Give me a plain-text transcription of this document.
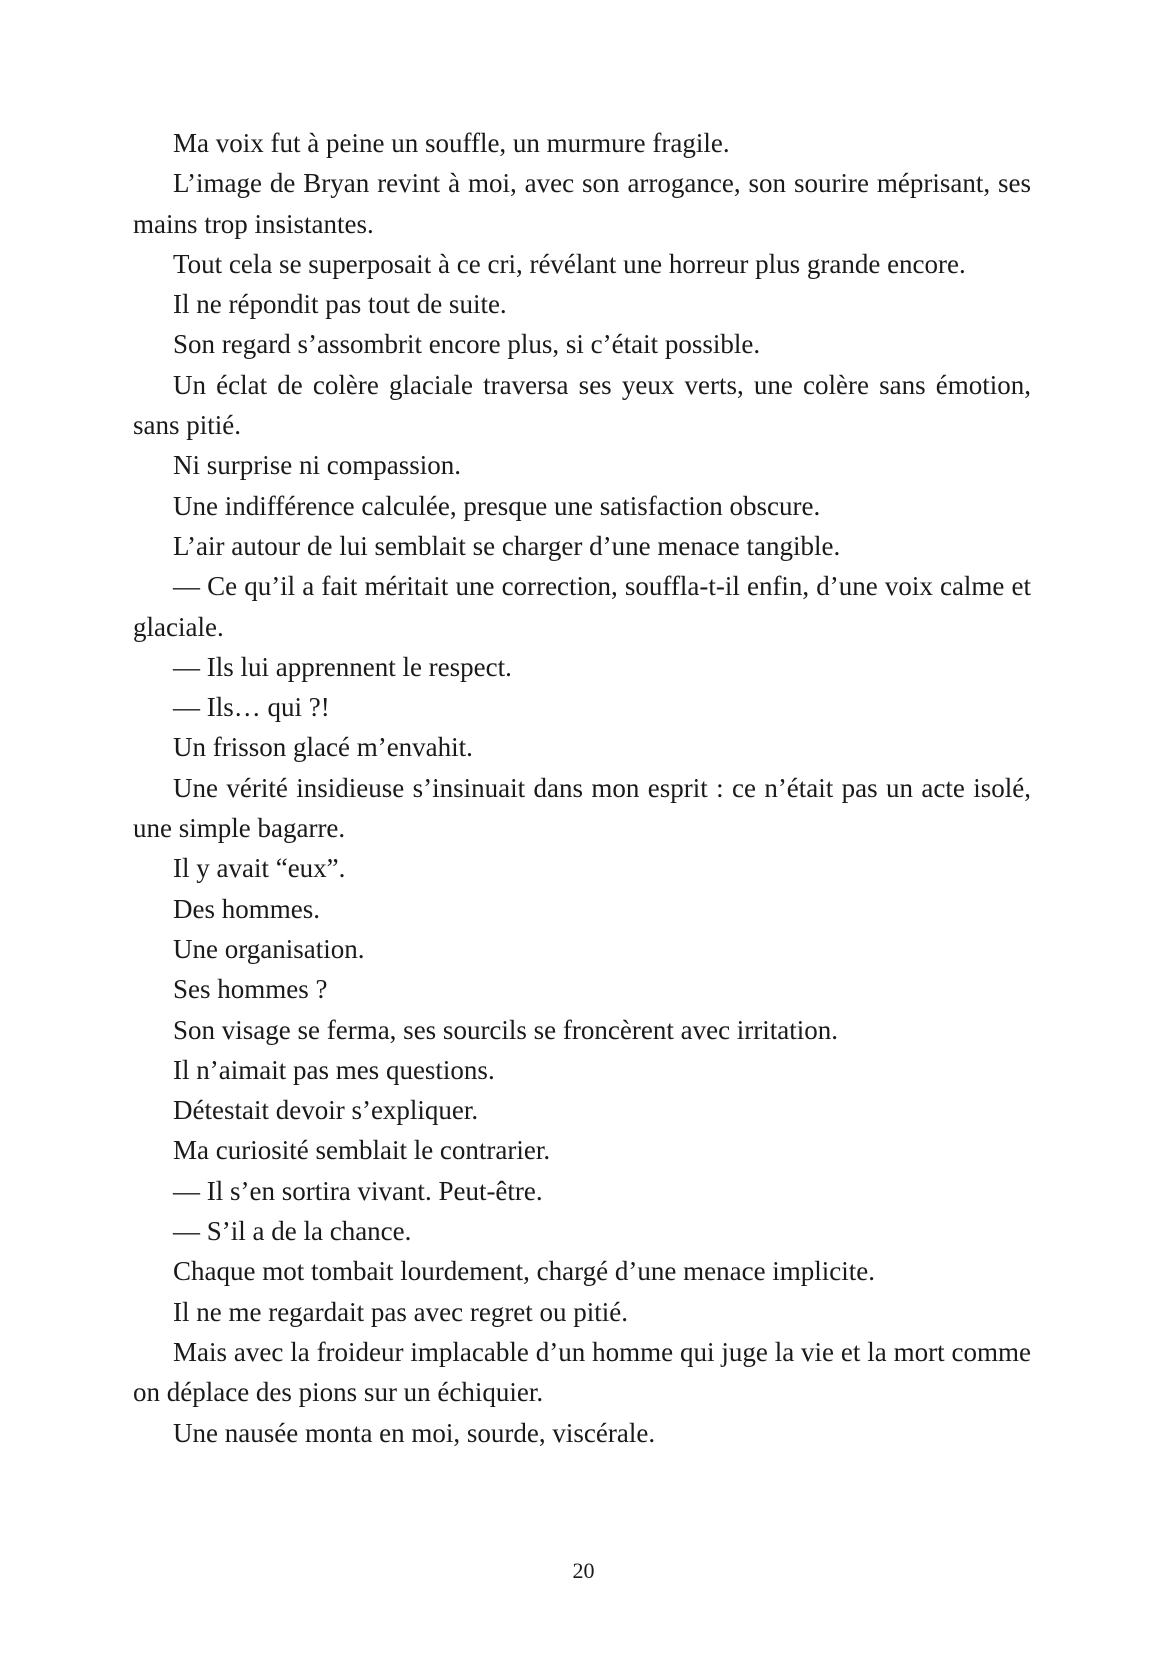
Ma voix fut à peine un souffle, un murmure fragile.

L’image de Bryan revint à moi, avec son arrogance, son sourire méprisant, ses mains trop insistantes.

Tout cela se superposait à ce cri, révélant une horreur plus grande encore.

Il ne répondit pas tout de suite.

Son regard s’assombrit encore plus, si c’était possible.

Un éclat de colère glaciale traversa ses yeux verts, une colère sans émotion, sans pitié.

Ni surprise ni compassion.

Une indifférence calculée, presque une satisfaction obscure.

L’air autour de lui semblait se charger d’une menace tangible.

— Ce qu’il a fait méritait une correction, souffla-t-il enfin, d’une voix calme et glaciale.

— Ils lui apprennent le respect.

— Ils… qui ?!

Un frisson glacé m’envahit.

Une vérité insidieuse s’insinuait dans mon esprit : ce n’était pas un acte isolé, une simple bagarre.

Il y avait “eux”.

Des hommes.

Une organisation.

Ses hommes ?

Son visage se ferma, ses sourcils se froncèrent avec irritation.

Il n’aimait pas mes questions.

Détestait devoir s’expliquer.

Ma curiosité semblait le contrarier.

— Il s’en sortira vivant. Peut-être.

— S’il a de la chance.

Chaque mot tombait lourdement, chargé d’une menace implicite.

Il ne me regardait pas avec regret ou pitié.

Mais avec la froideur implacable d’un homme qui juge la vie et la mort comme on déplace des pions sur un échiquier.

Une nausée monta en moi, sourde, viscérale.

20
